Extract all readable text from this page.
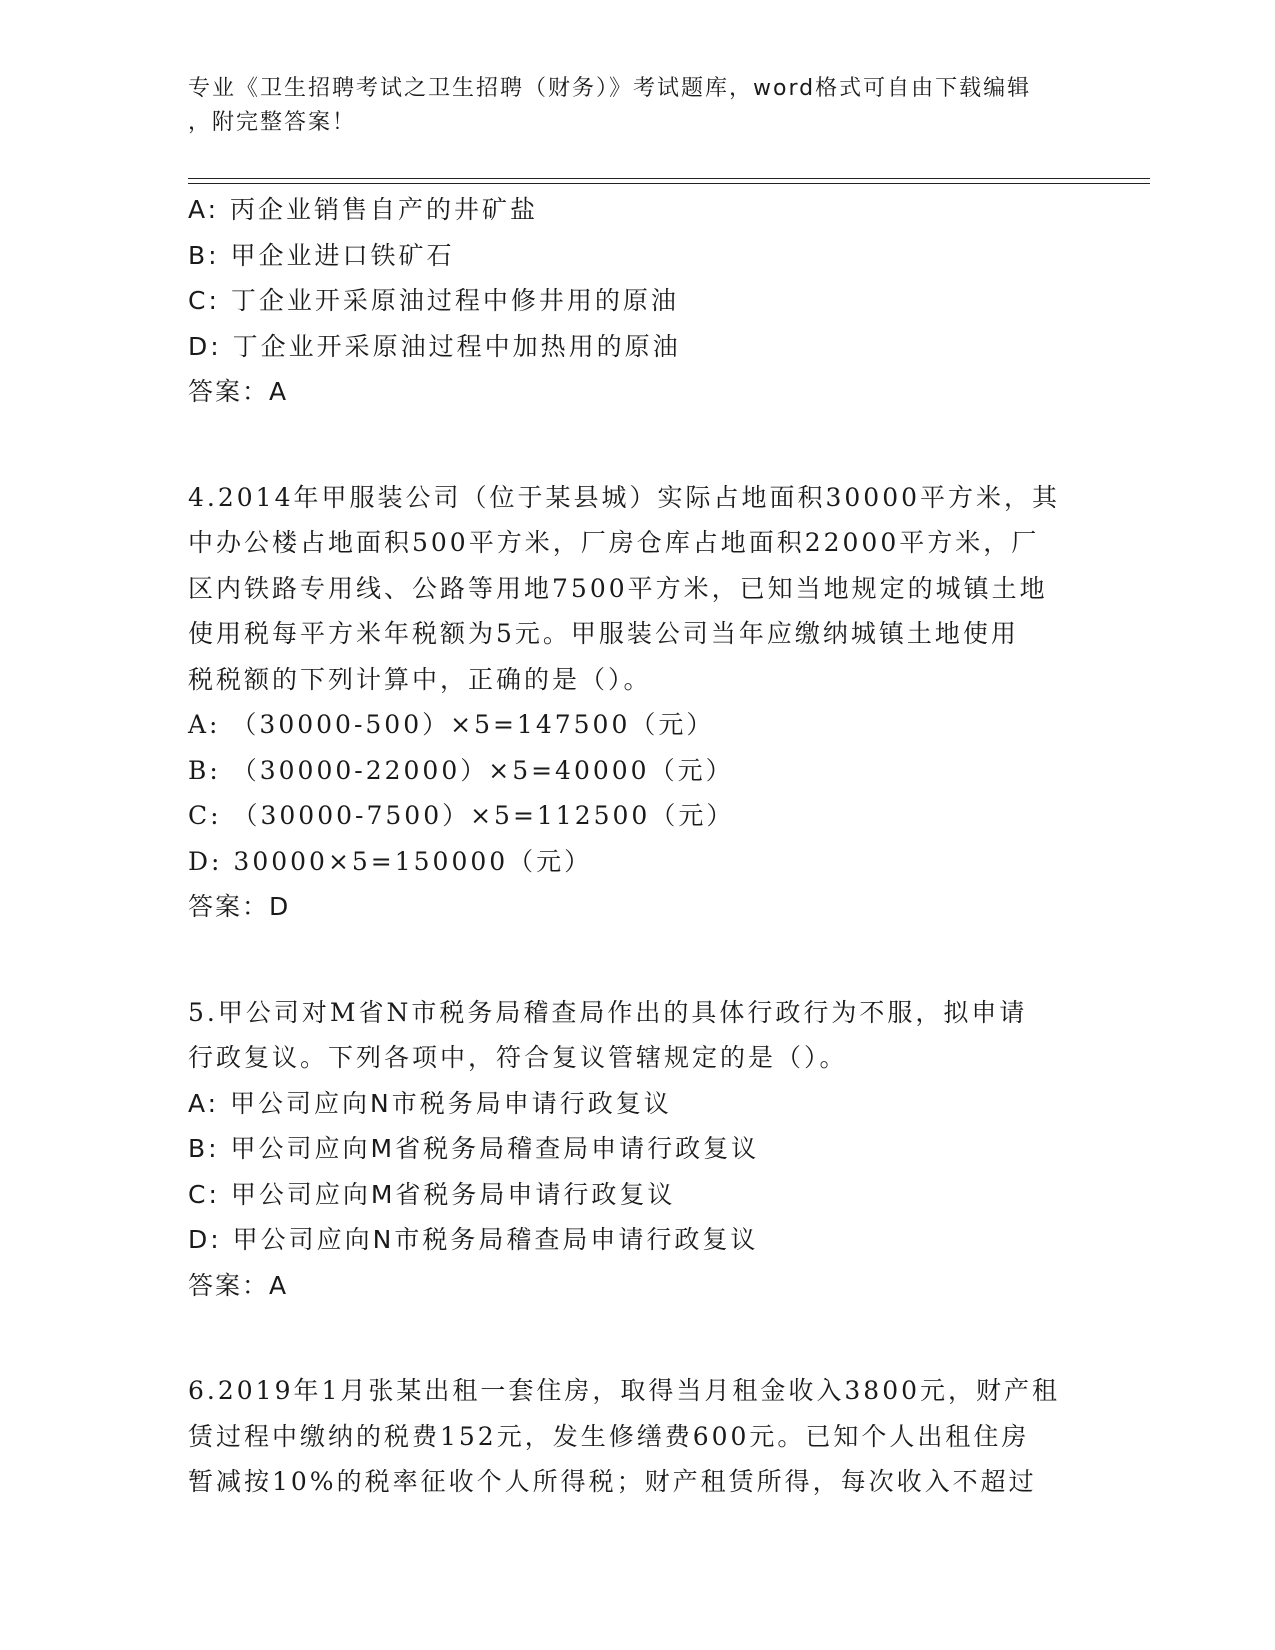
专业《卫生招聘考试之卫生招聘（财务）》考试题库，word格式可自由下载编辑
，附完整答案！
A: 丙企业销售自产的井矿盐
B: 甲企业进口铁矿石
C: 丁企业开采原油过程中修井用的原油
D: 丁企业开采原油过程中加热用的原油
答案：A
4.2014年甲服装公司（位于某县城）实际占地面积30000平方米，其
中办公楼占地面积500平方米，厂房仓库占地面积22000平方米，厂
区内铁路专用线、公路等用地7500平方米，已知当地规定的城镇土地
使用税每平方米年税额为5元。甲服装公司当年应缴纳城镇土地使用
税税额的下列计算中，正确的是（）。
A: （30000-500）×5=147500（元）
B: （30000-22000）×5=40000（元）
C: （30000-7500）×5=112500（元）
D: 30000×5=150000（元）
答案：D
5.甲公司对M省N市税务局稽查局作出的具体行政行为不服，拟申请
行政复议。下列各项中，符合复议管辖规定的是（）。
A: 甲公司应向N市税务局申请行政复议
B: 甲公司应向M省税务局稽查局申请行政复议
C: 甲公司应向M省税务局申请行政复议
D: 甲公司应向N市税务局稽查局申请行政复议
答案：A
6.2019年1月张某出租一套住房，取得当月租金收入3800元，财产租
赁过程中缴纳的税费152元，发生修缮费600元。已知个人出租住房
暂减按10%的税率征收个人所得税；财产租赁所得，每次收入不超过
